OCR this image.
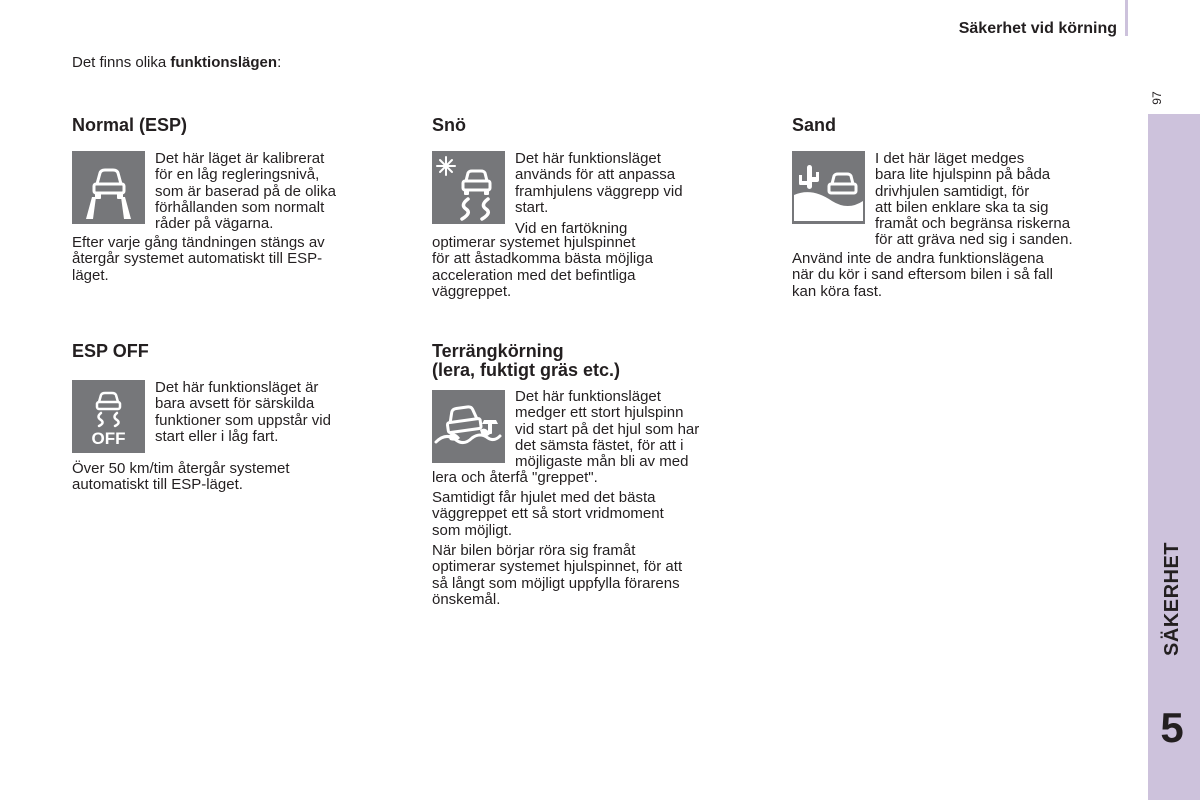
Säkerhet vid körning
97
SÄKERHET
5
Det finns olika funktionslägen:
Normal (ESP)

Det här läget är kalibrerat

för en låg regleringsnivå,

som är baserad på de olika

förhållanden som normalt

råder på vägarna.

Efter varje gång tändningen stängs av

återgår systemet automatiskt till ESP-

läget.

Snö

Det här funktionsläget

används för att anpassa

framhjulens väggrepp vid

start.

Vid en fartökning

optimerar systemet hjulspinnet

för att åstadkomma bästa möjliga

acceleration med det befintliga

väggreppet.

Sand

I det här läget medges

bara lite hjulspinn på båda

drivhjulen samtidigt, för

att bilen enklare ska ta sig

framåt och begränsa riskerna

för att gräva ned sig i sanden.

Använd inte de andra funktionslägena

när du kör i sand eftersom bilen i så fall

kan köra fast.

ESP OFF
OFF

Det här funktionsläget är

bara avsett för särskilda

funktioner som uppstår vid

start eller i låg fart.

Över 50 km/tim återgår systemet

automatiskt till ESP-läget.

Terrängkörning
(lera, fuktigt gräs etc.)

Det här funktionsläget

medger ett stort hjulspinn

vid start på det hjul som har

det sämsta fästet, för att i

möjligaste mån bli av med

lera och återfå "greppet".

Samtidigt får hjulet med det bästa

väggreppet ett så stort vridmoment

som möjligt.

När bilen börjar röra sig framåt

optimerar systemet hjulspinnet, för att

så långt som möjligt uppfylla förarens

önskemål.
